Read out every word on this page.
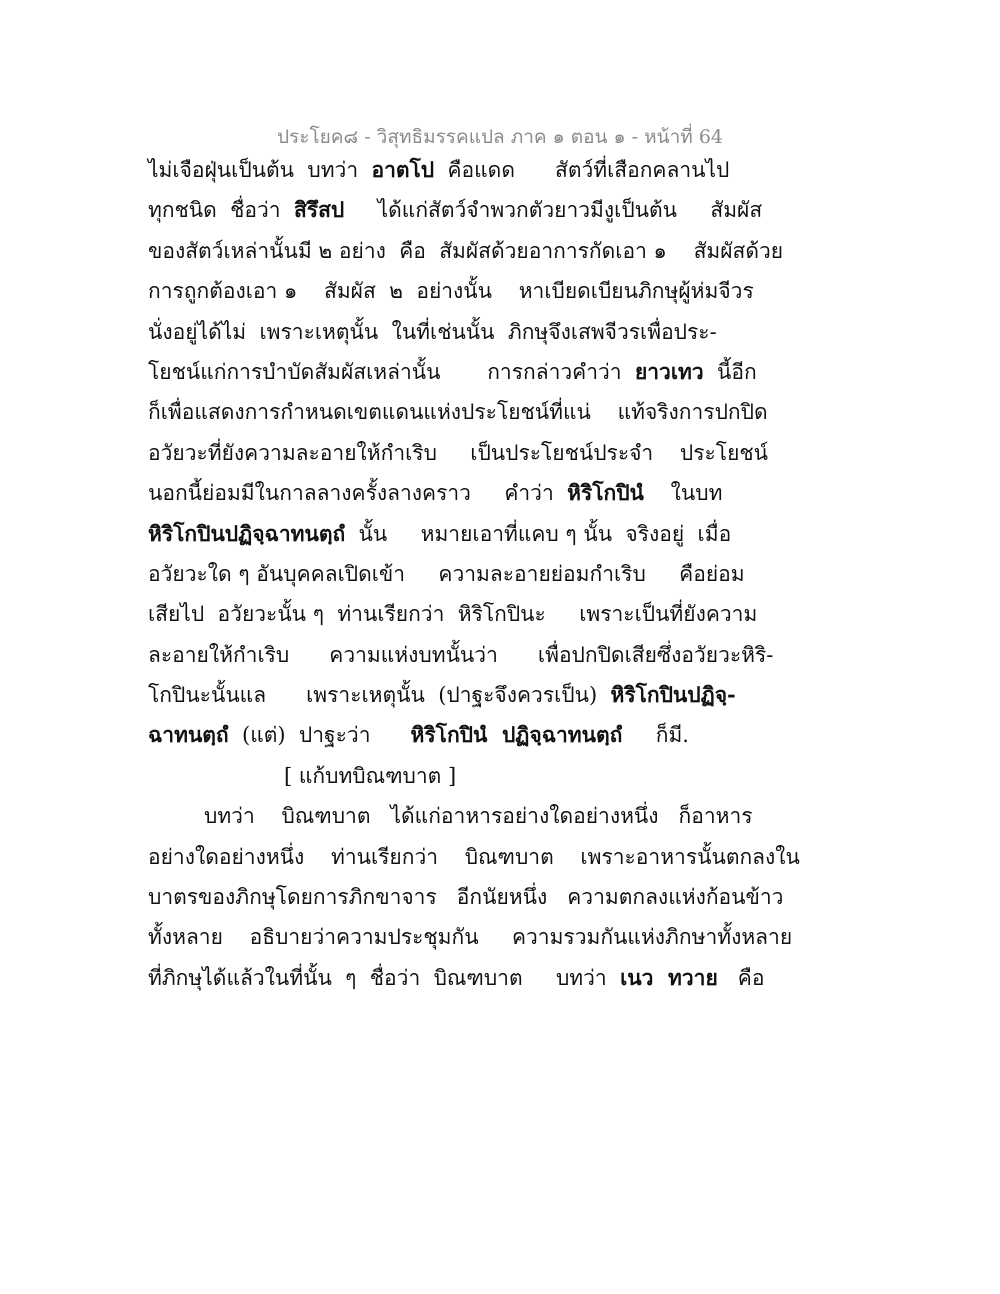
ประโยค๘ - วิสุทธิมรรคแปล ภาค ๑ ตอน ๑ - หน้าที่ 64
ไม่เจือฝุ่นเป็นต้น  บทว่า  อาตโป  คือแดด      สัตว์ที่เสือกคลานไป
ทุกชนิด  ชื่อว่า  สิรึสป     ได้แก่สัตว์จำพวกตัวยาวมีงูเป็นต้น     สัมผัส
ของสัตว์เหล่านั้นมี ๒ อย่าง  คือ  สัมผัสด้วยอาการกัดเอา ๑    สัมผัสด้วย
การถูกต้องเอา ๑    สัมผัส  ๒  อย่างนั้น    หาเบียดเบียนภิกษุผู้ห่มจีวร
นั่งอยู่ได้ไม่  เพราะเหตุนั้น  ในที่เช่นนั้น  ภิกษุจึงเสพจีวรเพื่อประ-
โยชน์แก่การบำบัดสัมผัสเหล่านั้น       การกล่าวคำว่า  ยาวเทว  นี้อีก
ก็เพื่อแสดงการกำหนดเขตแดนแห่งประโยชน์ที่แน่    แท้จริงการปกปิด
อวัยวะที่ยังความละอายให้กำเริบ     เป็นประโยชน์ประจำ    ประโยชน์
นอกนี้ย่อมมีในกาลลางครั้งลางคราว     คำว่า  หิริโกปินํ    ในบท
หิริโกปินปฏิจฺฉาทนตฺถํ  นั้น     หมายเอาที่แคบ ๆ นั้น  จริงอยู่  เมื่อ
อวัยวะใด ๆ อันบุคคลเปิดเข้า     ความละอายย่อมกำเริบ     คือย่อม
เสียไป  อวัยวะนั้น ๆ  ท่านเรียกว่า  หิริโกปินะ     เพราะเป็นที่ยังความ
ละอายให้กำเริบ      ความแห่งบทนั้นว่า      เพื่อปกปิดเสียซึ่งอวัยวะหิริ-
โกปินะนั้นแล      เพราะเหตุนั้น  (ปาฐะจึงควรเป็น)  หิริโกปินปฏิจฺ-
ฉาทนตฺถํ  (แต่)  ปาฐะว่า      หิริโกปินํ  ปฏิจฺฉาทนตฺถํ     ก็มี.
[ แก้บทบิณฑบาต ]
บทว่า    บิณฑบาต   ได้แก่อาหารอย่างใดอย่างหนึ่ง   ก็อาหาร
อย่างใดอย่างหนึ่ง    ท่านเรียกว่า    บิณฑบาต    เพราะอาหารนั้นตกลงใน
บาตรของภิกษุโดยการภิกขาจาร   อีกนัยหนึ่ง   ความตกลงแห่งก้อนข้าว
ทั้งหลาย    อธิบายว่าความประชุมกัน     ความรวมกันแห่งภิกษาทั้งหลาย
ที่ภิกษุได้แล้วในที่นั้น  ๆ  ชื่อว่า  บิณฑบาต     บทว่า  เนว  ทวาย   คือ
